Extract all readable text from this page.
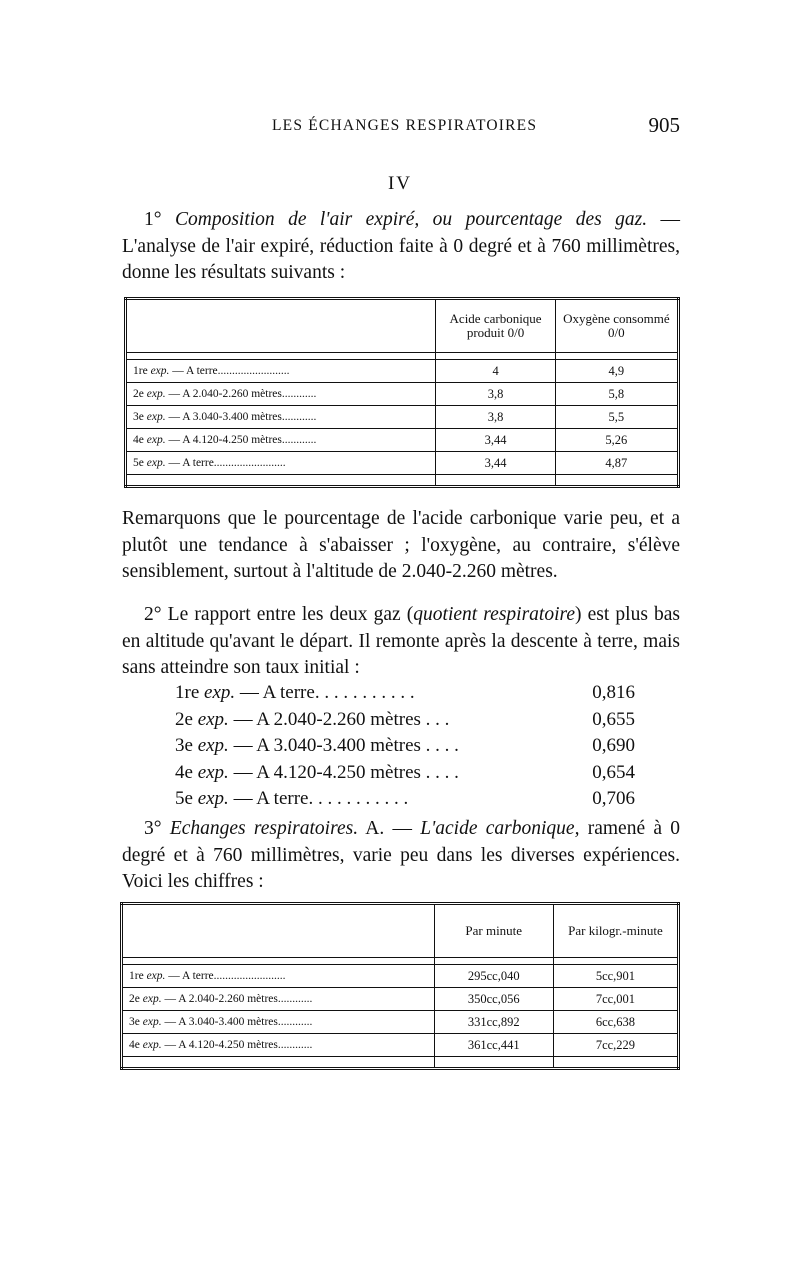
LES ÉCHANGES RESPIRATOIRES	905
IV

1° Composition de l'air expiré, ou pourcentage des gaz. — L'analyse de l'air expiré, réduction faite à 0 degré et à 760 millimètres, donne les résultats suivants :

	Acide carbonique produit 0/0	Oxygène consommé 0/0

1re exp. — A terre.........................	4	4,9
2e exp. — A 2.040-2.260 mètres............	3,8	5,8
3e exp. — A 3.040-3.400 mètres............	3,8	5,5
4e exp. — A 4.120-4.250 mètres............	3,44	5,26
5e exp. — A terre.........................	3,44	4,87

Remarquons que le pourcentage de l'acide carbonique varie peu, et a plutôt une tendance à s'abaisser ; l'oxygène, au contraire, s'élève sensiblement, surtout à l'altitude de 2.040-2.260 mètres.

2° Le rapport entre les deux gaz (quotient respiratoire) est plus bas en altitude qu'avant le départ. Il remonte après la descente à terre, mais sans atteindre son taux initial :

1re exp. — A terre. . . . . . . . . . .	0,816
2e exp. — A 2.040-2.260 mètres . . .	0,655
3e exp. — A 3.040-3.400 mètres . . . .	0,690
4e exp. — A 4.120-4.250 mètres . . . .	0,654
5e exp. — A terre. . . . . . . . . . .	0,706

3° Echanges respiratoires. A. — L'acide carbonique, ramené à 0 degré et à 760 millimètres, varie peu dans les diverses expériences. Voici les chiffres :

	Par minute	Par kilogr.-minute

1re exp. — A terre.........................	295cc,040	5cc,901
2e exp. — A 2.040-2.260 mètres............	350cc,056	7cc,001
3e exp. — A 3.040-3.400 mètres............	331cc,892	6cc,638
4e exp. — A 4.120-4.250 mètres............	361cc,441	7cc,229
